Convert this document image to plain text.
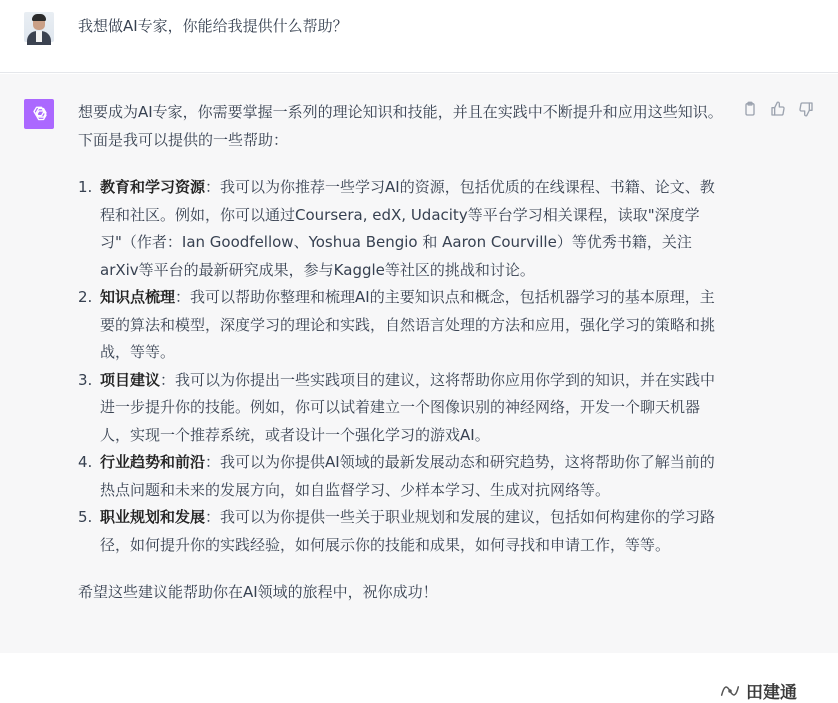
我想做AI专家，你能给我提供什么帮助？

想要成为AI专家，你需要掌握一系列的理论知识和技能，并且在实践中不断提升和应用这些知识。下面是我可以提供的一些帮助：

1. 教育和学习资源：我可以为你推荐一些学习AI的资源，包括优质的在线课程、书籍、论文、教程和社区。例如，你可以通过Coursera, edX, Udacity等平台学习相关课程，读取"深度学习"（作者：Ian Goodfellow、Yoshua Bengio 和 Aaron Courville）等优秀书籍，关注arXiv等平台的最新研究成果，参与Kaggle等社区的挑战和讨论。
2. 知识点梳理：我可以帮助你整理和梳理AI的主要知识点和概念，包括机器学习的基本原理，主要的算法和模型，深度学习的理论和实践，自然语言处理的方法和应用，强化学习的策略和挑战，等等。
3. 项目建议：我可以为你提出一些实践项目的建议，这将帮助你应用你学到的知识，并在实践中进一步提升你的技能。例如，你可以试着建立一个图像识别的神经网络，开发一个聊天机器人，实现一个推荐系统，或者设计一个强化学习的游戏AI。
4. 行业趋势和前沿：我可以为你提供AI领域的最新发展动态和研究趋势，这将帮助你了解当前的热点问题和未来的发展方向，如自监督学习、少样本学习、生成对抗网络等。
5. 职业规划和发展：我可以为你提供一些关于职业规划和发展的建议，包括如何构建你的学习路径，如何提升你的实践经验，如何展示你的技能和成果，如何寻找和申请工作，等等。

希望这些建议能帮助你在AI领域的旅程中，祝你成功！

田建通
